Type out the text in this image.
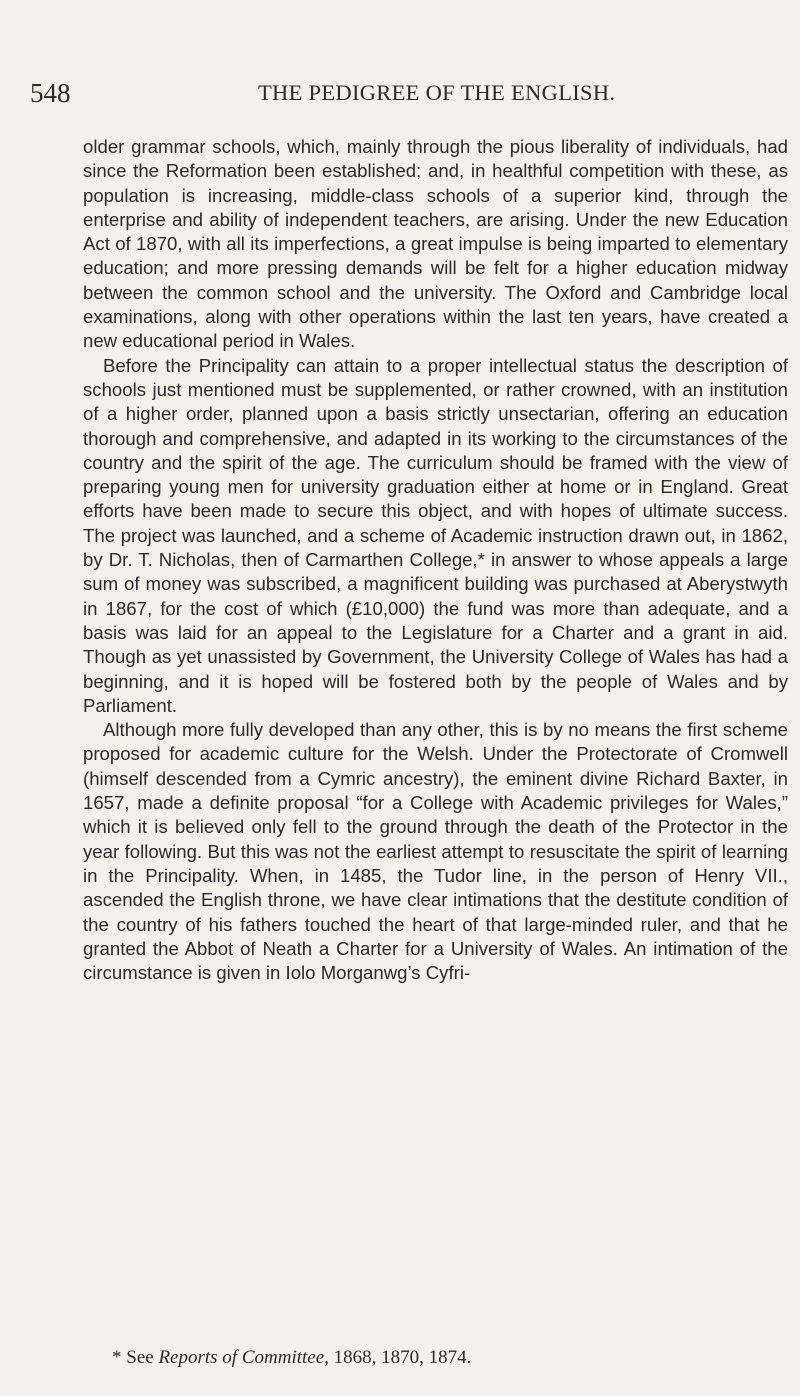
548	THE PEDIGREE OF THE ENGLISH.

older grammar schools, which, mainly through the pious liberality of individuals, had since the Reformation been established; and, in healthful competition with these, as population is increasing, middle-class schools of a superior kind, through the enterprise and ability of independent teachers, are arising. Under the new Education Act of 1870, with all its imperfections, a great impulse is being imparted to elementary education; and more pressing demands will be felt for a higher education midway between the common school and the university. The Oxford and Cambridge local examinations, along with other operations within the last ten years, have created a new educational period in Wales.

Before the Principality can attain to a proper intellectual status the description of schools just mentioned must be supplemented, or rather crowned, with an institution of a higher order, planned upon a basis strictly unsectarian, offering an education thorough and comprehensive, and adapted in its working to the circumstances of the country and the spirit of the age. The curriculum should be framed with the view of preparing young men for university graduation either at home or in England. Great efforts have been made to secure this object, and with hopes of ultimate success. The project was launched, and a scheme of Academic instruction drawn out, in 1862, by Dr. T. Nicholas, then of Carmarthen College,* in answer to whose appeals a large sum of money was subscribed, a magnificent building was purchased at Aberystwyth in 1867, for the cost of which (£10,000) the fund was more than adequate, and a basis was laid for an appeal to the Legislature for a Charter and a grant in aid. Though as yet unassisted by Government, the University College of Wales has had a beginning, and it is hoped will be fostered both by the people of Wales and by Parliament.

Although more fully developed than any other, this is by no means the first scheme proposed for academic culture for the Welsh. Under the Protectorate of Cromwell (himself descended from a Cymric ancestry), the eminent divine Richard Baxter, in 1657, made a definite proposal “for a College with Academic privileges for Wales,” which it is believed only fell to the ground through the death of the Protector in the year following. But this was not the earliest attempt to resuscitate the spirit of learning in the Principality. When, in 1485, the Tudor line, in the person of Henry VII., ascended the English throne, we have clear intimations that the destitute condition of the country of his fathers touched the heart of that large-minded ruler, and that he granted the Abbot of Neath a Charter for a University of Wales. An intimation of the circumstance is given in Iolo Morganwg’s Cyfri-

* See Reports of Committee, 1868, 1870, 1874.
